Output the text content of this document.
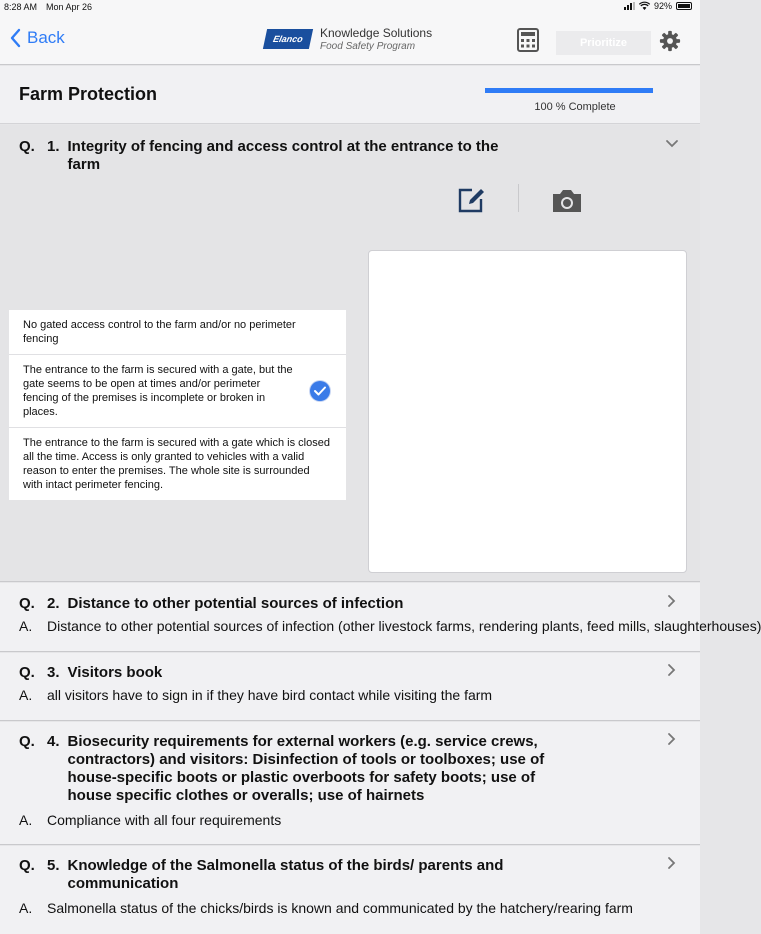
8:28 AM Mon Apr 26	92%
Back	Elanco	Knowledge Solutions
Food Safety Program	Prioritize
Farm Protection
100 % Complete
Q. 1. Integrity of fencing and access control at the entrance to the farm
No gated access control to the farm and/or no perimeter fencing
The entrance to the farm is secured with a gate, but the gate seems to be open at times and/or perimeter fencing of the premises is incomplete or broken in places.
The entrance to the farm is secured with a gate which is closed all the time. Access is only granted to vehicles with a valid reason to enter the premises. The whole site is surrounded with intact perimeter fencing.
Q. 2. Distance to other potential sources of infection
A.	Distance to other potential sources of infection (other livestock farms, rendering plants, feed mills, slaughterhouses)
Q. 3. Visitors book
A.	all visitors have to sign in if they have bird contact while visiting the farm
Q. 4. Biosecurity requirements for external workers (e.g. service crews, contractors) and visitors: Disinfection of tools or toolboxes; use of house-specific boots or plastic overboots for safety boots; use of house specific clothes or overalls; use of hairnets
A.	Compliance with all four requirements
Q. 5. Knowledge of the Salmonella status of the birds/ parents and communication
A.	Salmonella status of the chicks/birds is known and communicated by the hatchery/rearing farm
